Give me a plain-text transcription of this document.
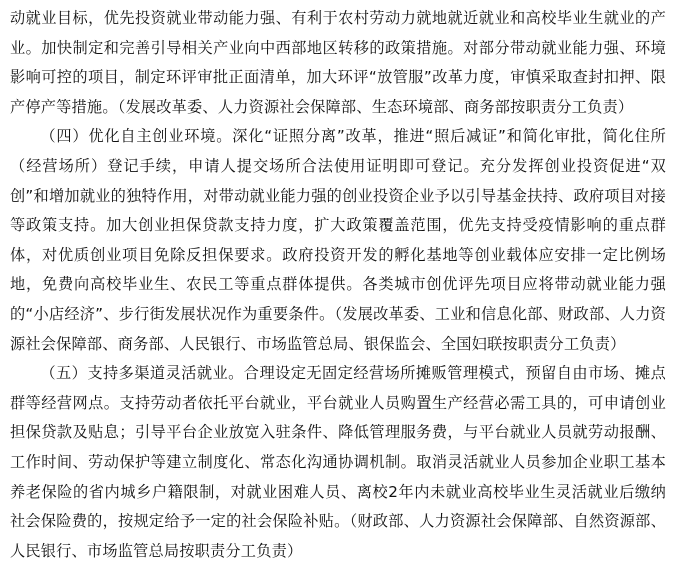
动就业目标，优先投资就业带动能力强、有利于农村劳动力就地就近就业和高校毕业生就业的产业。加快制定和完善引导相关产业向中西部地区转移的政策措施。对部分带动就业能力强、环境影响可控的项目，制定环评审批正面清单，加大环评“放管服”改革力度，审慎采取查封扣押、限产停产等措施。（发展改革委、人力资源社会保障部、生态环境部、商务部按职责分工负责）

（四）优化自主创业环境。深化“证照分离”改革，推进“照后减证”和简化审批，简化住所（经营场所）登记手续，申请人提交场所合法使用证明即可登记。充分发挥创业投资促进“双创”和增加就业的独特作用，对带动就业能力强的创业投资企业予以引导基金扶持、政府项目对接等政策支持。加大创业担保贷款支持力度，扩大政策覆盖范围，优先支持受疫情影响的重点群体，对优质创业项目免除反担保要求。政府投资开发的孵化基地等创业载体应安排一定比例场地，免费向高校毕业生、农民工等重点群体提供。各类城市创优评先项目应将带动就业能力强的“小店经济”、步行街发展状况作为重要条件。（发展改革委、工业和信息化部、财政部、人力资源社会保障部、商务部、人民银行、市场监管总局、银保监会、全国妇联按职责分工负责）

（五）支持多渠道灵活就业。合理设定无固定经营场所摊贩管理模式，预留自由市场、摊点群等经营网点。支持劳动者依托平台就业，平台就业人员购置生产经营必需工具的，可申请创业担保贷款及贴息；引导平台企业放宽入驻条件、降低管理服务费，与平台就业人员就劳动报酬、工作时间、劳动保护等建立制度化、常态化沟通协调机制。取消灵活就业人员参加企业职工基本养老保险的省内城乡户籍限制，对就业困难人员、离校2年内未就业高校毕业生灵活就业后缴纳社会保险费的，按规定给予一定的社会保险补贴。（财政部、人力资源社会保障部、自然资源部、人民银行、市场监管总局按职责分工负责）
